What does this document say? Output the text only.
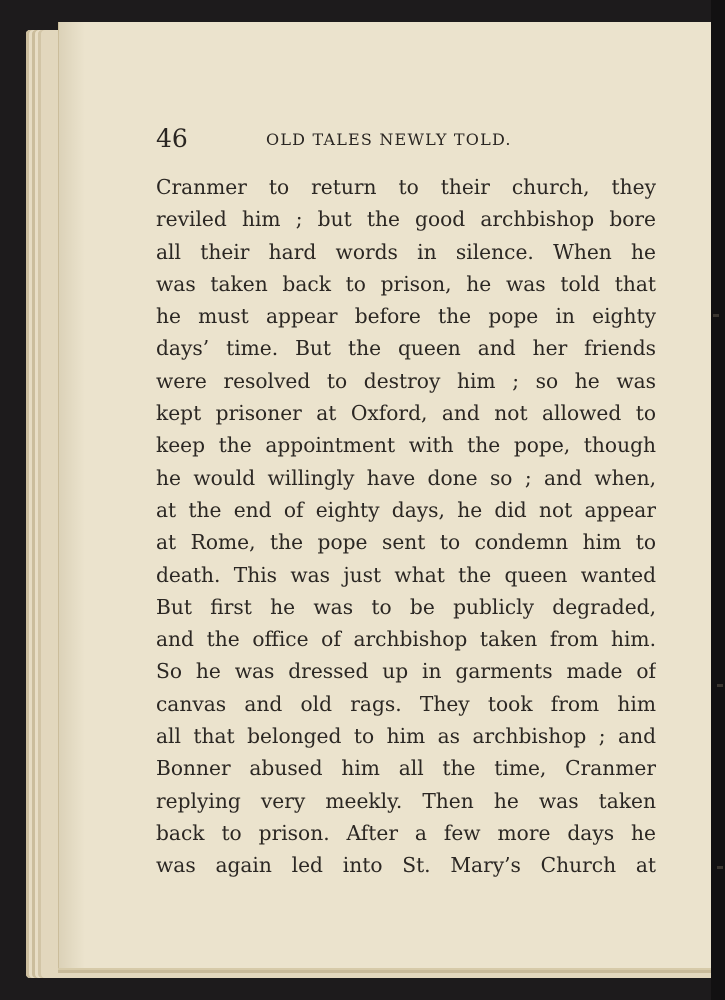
46	OLD TALES NEWLY TOLD.
Cranmer to return to their church, they
reviled him ; but the good archbishop bore
all their hard words in silence. When he
was taken back to prison, he was told that
he must appear before the pope in eighty
days’ time. But the queen and her friends
were resolved to destroy him ; so he was
kept prisoner at Oxford, and not allowed to
keep the appointment with the pope, though
he would willingly have done so ; and when,
at the end of eighty days, he did not appear
at Rome, the pope sent to condemn him to
death. This was just what the queen wanted
But first he was to be publicly degraded,
and the office of archbishop taken from him.
So he was dressed up in garments made of
canvas and old rags. They took from him
all that belonged to him as archbishop ; and
Bonner abused him all the time, Cranmer
replying very meekly. Then he was taken
back to prison. After a few more days he
was again led into St. Mary’s Church at
